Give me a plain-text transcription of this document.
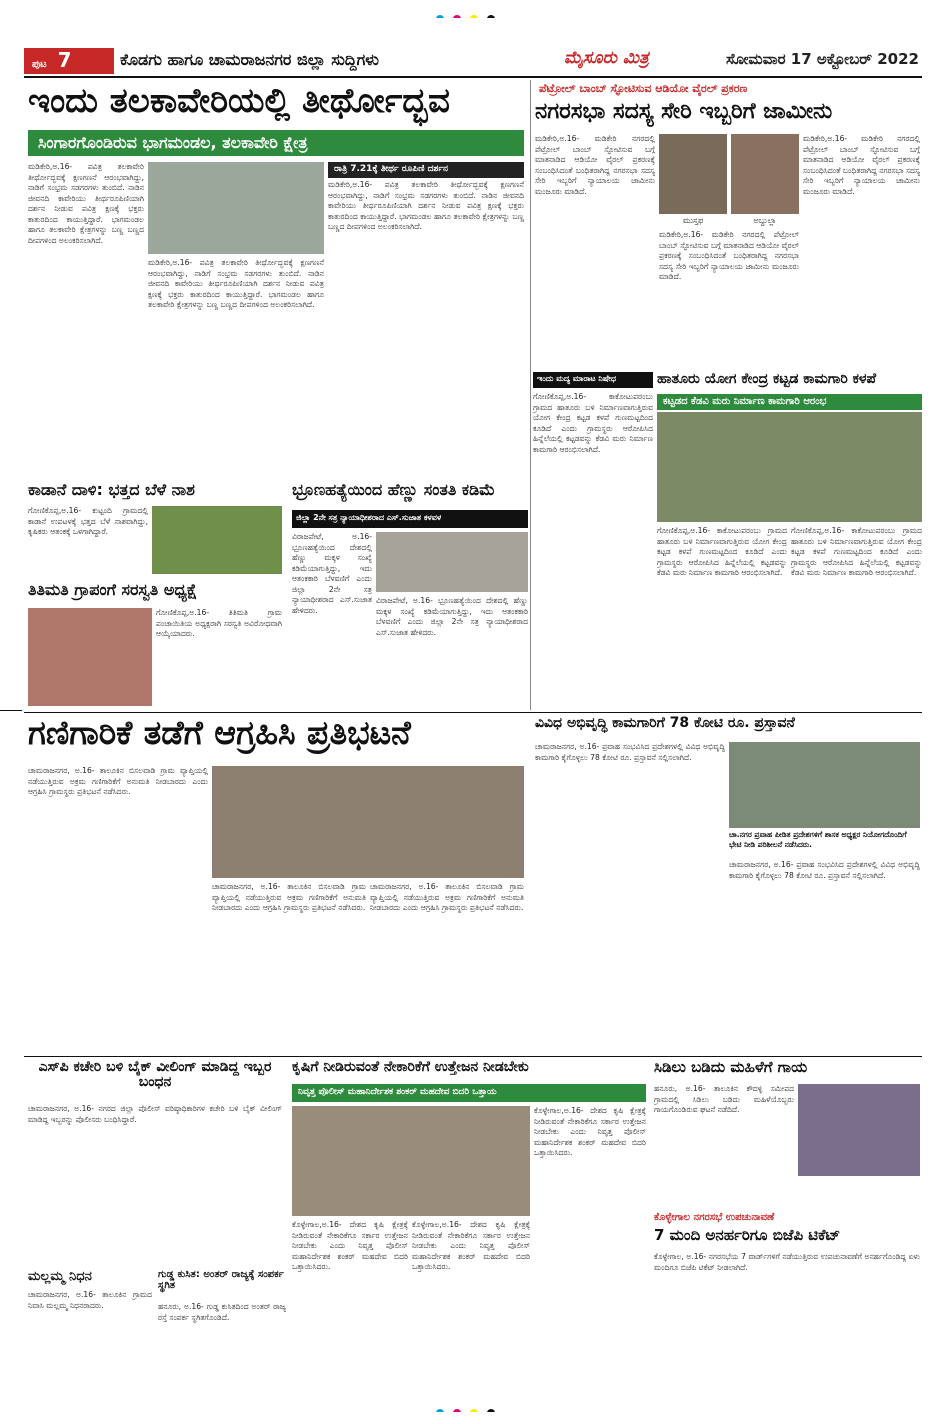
ಪುಟ 7	ಕೊಡಗು ಹಾಗೂ ಚಾಮರಾಜನಗರ ಜಿಲ್ಲಾ ಸುದ್ದಿಗಳು	ಮೈಸೂರು ಮಿತ್ರ	ಸೋಮವಾರ 17 ಅಕ್ಟೋಬರ್ 2022
ಇಂದು ತಲಕಾವೇರಿಯಲ್ಲಿ ತೀರ್ಥೋದ್ಭವ
ಸಿಂಗಾರಗೊಂಡಿರುವ ಭಾಗಮಂಡಲ, ತಲಕಾವೇರಿ ಕ್ಷೇತ್ರ
ಮಡಿಕೇರಿ,ಅ.16- ಪವಿತ್ರ ತಲಕಾವೇರಿ ತೀರ್ಥೋದ್ಭವಕ್ಕೆ ಕ್ಷಣಗಣನೆ ಆರಂಭವಾಗಿದ್ದು, ನಾಡಿಗೆ ಸಂಭ್ರಮ ಸಡಗರಗಳು ತುಂಬಿದೆ. ನಾಡಿನ ಜೀವನದಿ ಕಾವೇರಿಯು ತೀರ್ಥರೂಪಿಣಿಯಾಗಿ ದರ್ಶನ ನೀಡುವ ಪವಿತ್ರ ಕ್ಷಣಕ್ಕೆ ಭಕ್ತರು ಕಾತುರದಿಂದ ಕಾಯುತ್ತಿದ್ದಾರೆ. ಭಾಗಮಂಡಲ ಹಾಗೂ ತಲಕಾವೇರಿ ಕ್ಷೇತ್ರಗಳನ್ನು ಬಣ್ಣ ಬಣ್ಣದ ದೀಪಗಳಿಂದ ಅಲಂಕರಿಸಲಾಗಿದೆ.
ರಾತ್ರಿ 7.21ಕ್ಕೆ ತೀರ್ಥ ರೂಪಿಣಿ ದರ್ಶನ
ಮಡಿಕೇರಿ,ಅ.16- ಪವಿತ್ರ ತಲಕಾವೇರಿ ತೀರ್ಥೋದ್ಭವಕ್ಕೆ ಕ್ಷಣಗಣನೆ ಆರಂಭವಾಗಿದ್ದು, ನಾಡಿಗೆ ಸಂಭ್ರಮ ಸಡಗರಗಳು ತುಂಬಿದೆ. ನಾಡಿನ ಜೀವನದಿ ಕಾವೇರಿಯು ತೀರ್ಥರೂಪಿಣಿಯಾಗಿ ದರ್ಶನ ನೀಡುವ ಪವಿತ್ರ ಕ್ಷಣಕ್ಕೆ ಭಕ್ತರು ಕಾತುರದಿಂದ ಕಾಯುತ್ತಿದ್ದಾರೆ. ಭಾಗಮಂಡಲ ಹಾಗೂ ತಲಕಾವೇರಿ ಕ್ಷೇತ್ರಗಳನ್ನು ಬಣ್ಣ ಬಣ್ಣದ ದೀಪಗಳಿಂದ ಅಲಂಕರಿಸಲಾಗಿದೆ.
ಮಡಿಕೇರಿ,ಅ.16- ಪವಿತ್ರ ತಲಕಾವೇರಿ ತೀರ್ಥೋದ್ಭವಕ್ಕೆ ಕ್ಷಣಗಣನೆ ಆರಂಭವಾಗಿದ್ದು, ನಾಡಿಗೆ ಸಂಭ್ರಮ ಸಡಗರಗಳು ತುಂಬಿದೆ. ನಾಡಿನ ಜೀವನದಿ ಕಾವೇರಿಯು ತೀರ್ಥರೂಪಿಣಿಯಾಗಿ ದರ್ಶನ ನೀಡುವ ಪವಿತ್ರ ಕ್ಷಣಕ್ಕೆ ಭಕ್ತರು ಕಾತುರದಿಂದ ಕಾಯುತ್ತಿದ್ದಾರೆ. ಭಾಗಮಂಡಲ ಹಾಗೂ ತಲಕಾವೇರಿ ಕ್ಷೇತ್ರಗಳನ್ನು ಬಣ್ಣ ಬಣ್ಣದ ದೀಪಗಳಿಂದ ಅಲಂಕರಿಸಲಾಗಿದೆ.
ಪೆಟ್ರೋಲ್ ಬಾಂಬ್ ಸ್ಫೋಟಿಸುವ ಆಡಿಯೋ ವೈರಲ್ ಪ್ರಕರಣ
ನಗರಸಭಾ ಸದಸ್ಯ ಸೇರಿ ಇಬ್ಬರಿಗೆ ಜಾಮೀನು
ಮಡಿಕೇರಿ,ಅ.16- ಮಡಿಕೇರಿ ನಗರದಲ್ಲಿ ಪೆಟ್ರೋಲ್ ಬಾಂಬ್ ಸ್ಫೋಟಿಸುವ ಬಗ್ಗೆ ಮಾತನಾಡಿದ ಆಡಿಯೋ ವೈರಲ್ ಪ್ರಕರಣಕ್ಕೆ ಸಂಬಂಧಿಸಿದಂತೆ ಬಂಧಿತರಾಗಿದ್ದ ನಗರಸಭಾ ಸದಸ್ಯ ಸೇರಿ ಇಬ್ಬರಿಗೆ ನ್ಯಾಯಾಲಯ ಜಾಮೀನು ಮಂಜೂರು ಮಾಡಿದೆ.
ಮುಸ್ತಫ	ಅಬ್ದುಲ್ಲಾ
ಮಡಿಕೇರಿ,ಅ.16- ಮಡಿಕೇರಿ ನಗರದಲ್ಲಿ ಪೆಟ್ರೋಲ್ ಬಾಂಬ್ ಸ್ಫೋಟಿಸುವ ಬಗ್ಗೆ ಮಾತನಾಡಿದ ಆಡಿಯೋ ವೈರಲ್ ಪ್ರಕರಣಕ್ಕೆ ಸಂಬಂಧಿಸಿದಂತೆ ಬಂಧಿತರಾಗಿದ್ದ ನಗರಸಭಾ ಸದಸ್ಯ ಸೇರಿ ಇಬ್ಬರಿಗೆ ನ್ಯಾಯಾಲಯ ಜಾಮೀನು ಮಂಜೂರು ಮಾಡಿದೆ.
ಮಡಿಕೇರಿ,ಅ.16- ಮಡಿಕೇರಿ ನಗರದಲ್ಲಿ ಪೆಟ್ರೋಲ್ ಬಾಂಬ್ ಸ್ಫೋಟಿಸುವ ಬಗ್ಗೆ ಮಾತನಾಡಿದ ಆಡಿಯೋ ವೈರಲ್ ಪ್ರಕರಣಕ್ಕೆ ಸಂಬಂಧಿಸಿದಂತೆ ಬಂಧಿತರಾಗಿದ್ದ ನಗರಸಭಾ ಸದಸ್ಯ ಸೇರಿ ಇಬ್ಬರಿಗೆ ನ್ಯಾಯಾಲಯ ಜಾಮೀನು ಮಂಜೂರು ಮಾಡಿದೆ.
ಇಂದು ಮದ್ಯ ಮಾರಾಟ ನಿಷೇಧ	ಹಾತೂರು ಯೋಗ ಕೇಂದ್ರ ಕಟ್ಟಡ ಕಾಮಗಾರಿ ಕಳಪೆ
ಕಟ್ಟಡದ ಕೆಡವಿ ಮರು ನಿರ್ಮಾಣ ಕಾಮಗಾರಿ ಆರಂಭ
ಗೋಣಿಕೊಪ್ಪ,ಅ.16- ಕಾಕೋಟುಪರಂಬು ಗ್ರಾಮದ ಹಾತೂರು ಬಳಿ ನಿರ್ಮಾಣವಾಗುತ್ತಿರುವ ಯೋಗ ಕೇಂದ್ರ ಕಟ್ಟಡ ಕಳಪೆ ಗುಣಮಟ್ಟದಿಂದ ಕೂಡಿದೆ ಎಂದು ಗ್ರಾಮಸ್ಥರು ಆರೋಪಿಸಿದ ಹಿನ್ನೆಲೆಯಲ್ಲಿ ಕಟ್ಟಡವನ್ನು ಕೆಡವಿ ಮರು ನಿರ್ಮಾಣ ಕಾಮಗಾರಿ ಆರಂಭಿಸಲಾಗಿದೆ.
ಗೋಣಿಕೊಪ್ಪ,ಅ.16- ಕಾಕೋಟುಪರಂಬು ಗ್ರಾಮದ ಹಾತೂರು ಬಳಿ ನಿರ್ಮಾಣವಾಗುತ್ತಿರುವ ಯೋಗ ಕೇಂದ್ರ ಕಟ್ಟಡ ಕಳಪೆ ಗುಣಮಟ್ಟದಿಂದ ಕೂಡಿದೆ ಎಂದು ಗ್ರಾಮಸ್ಥರು ಆರೋಪಿಸಿದ ಹಿನ್ನೆಲೆಯಲ್ಲಿ ಕಟ್ಟಡವನ್ನು ಕೆಡವಿ ಮರು ನಿರ್ಮಾಣ ಕಾಮಗಾರಿ ಆರಂಭಿಸಲಾಗಿದೆ.
ಗೋಣಿಕೊಪ್ಪ,ಅ.16- ಕಾಕೋಟುಪರಂಬು ಗ್ರಾಮದ ಹಾತೂರು ಬಳಿ ನಿರ್ಮಾಣವಾಗುತ್ತಿರುವ ಯೋಗ ಕೇಂದ್ರ ಕಟ್ಟಡ ಕಳಪೆ ಗುಣಮಟ್ಟದಿಂದ ಕೂಡಿದೆ ಎಂದು ಗ್ರಾಮಸ್ಥರು ಆರೋಪಿಸಿದ ಹಿನ್ನೆಲೆಯಲ್ಲಿ ಕಟ್ಟಡವನ್ನು ಕೆಡವಿ ಮರು ನಿರ್ಮಾಣ ಕಾಮಗಾರಿ ಆರಂಭಿಸಲಾಗಿದೆ.
ಕಾಡಾನೆ ದಾಳಿ: ಭತ್ತದ ಬೆಳೆ ನಾಶ
ಗೋಣಿಕೊಪ್ಪ,ಅ.16- ಕುಟ್ಟಂದಿ ಗ್ರಾಮದಲ್ಲಿ ಕಾಡಾನೆ ಉಪಟಳಕ್ಕೆ ಭತ್ತದ ಬೆಳೆ ನಾಶವಾಗಿದ್ದು, ಕೃಷಿಕರು ಆತಂಕಕ್ಕೆ ಒಳಗಾಗಿದ್ದಾರೆ.
ತಿತಿಮತಿ ಗ್ರಾಪಂಗೆ ಸರಸ್ವತಿ ಅಧ್ಯಕ್ಷೆ
ಗೋಣಿಕೊಪ್ಪ,ಅ.16- ತಿತಿಮತಿ ಗ್ರಾಮ ಪಂಚಾಯಿತಿಯ ಅಧ್ಯಕ್ಷರಾಗಿ ಸರಸ್ವತಿ ಅವಿರೋಧವಾಗಿ ಆಯ್ಕೆಯಾದರು.
ಭ್ರೂಣಹತ್ಯೆಯಿಂದ ಹೆಣ್ಣು ಸಂತತಿ ಕಡಿಮೆ
ಜಿಲ್ಲಾ 2ನೇ ಸತ್ರ ನ್ಯಾಯಾಧೀಶರಾದ ಎಸ್.ಸುಜಾತ ಕಳವಳ
ವಿರಾಜಪೇಟೆ, ಅ.16- ಭ್ರೂಣಹತ್ಯೆಯಿಂದ ದೇಶದಲ್ಲಿ ಹೆಣ್ಣು ಮಕ್ಕಳ ಸಂಖ್ಯೆ ಕಡಿಮೆಯಾಗುತ್ತಿದ್ದು, ಇದು ಆತಂಕಕಾರಿ ಬೆಳವಣಿಗೆ ಎಂದು ಜಿಲ್ಲಾ 2ನೇ ಸತ್ರ ನ್ಯಾಯಾಧೀಶರಾದ ಎಸ್.ಸುಜಾತ ಹೇಳಿದರು.
ವಿರಾಜಪೇಟೆ, ಅ.16- ಭ್ರೂಣಹತ್ಯೆಯಿಂದ ದೇಶದಲ್ಲಿ ಹೆಣ್ಣು ಮಕ್ಕಳ ಸಂಖ್ಯೆ ಕಡಿಮೆಯಾಗುತ್ತಿದ್ದು, ಇದು ಆತಂಕಕಾರಿ ಬೆಳವಣಿಗೆ ಎಂದು ಜಿಲ್ಲಾ 2ನೇ ಸತ್ರ ನ್ಯಾಯಾಧೀಶರಾದ ಎಸ್.ಸುಜಾತ ಹೇಳಿದರು.
ಗಣಿಗಾರಿಕೆ ತಡೆಗೆ ಆಗ್ರಹಿಸಿ ಪ್ರತಿಭಟನೆ
ಚಾಮರಾಜನಗರ, ಅ.16- ತಾಲೂಕಿನ ಬಿಸಲವಾಡಿ ಗ್ರಾಮ ವ್ಯಾಪ್ತಿಯಲ್ಲಿ ನಡೆಯುತ್ತಿರುವ ಅಕ್ರಮ ಗಣಿಗಾರಿಕೆಗೆ ಅನುಮತಿ ನೀಡಬಾರದು ಎಂದು ಆಗ್ರಹಿಸಿ ಗ್ರಾಮಸ್ಥರು ಪ್ರತಿಭಟನೆ ನಡೆಸಿದರು.
ಚಾಮರಾಜನಗರ, ಅ.16- ತಾಲೂಕಿನ ಬಿಸಲವಾಡಿ ಗ್ರಾಮ ವ್ಯಾಪ್ತಿಯಲ್ಲಿ ನಡೆಯುತ್ತಿರುವ ಅಕ್ರಮ ಗಣಿಗಾರಿಕೆಗೆ ಅನುಮತಿ ನೀಡಬಾರದು ಎಂದು ಆಗ್ರಹಿಸಿ ಗ್ರಾಮಸ್ಥರು ಪ್ರತಿಭಟನೆ ನಡೆಸಿದರು.
ಚಾಮರಾಜನಗರ, ಅ.16- ತಾಲೂಕಿನ ಬಿಸಲವಾಡಿ ಗ್ರಾಮ ವ್ಯಾಪ್ತಿಯಲ್ಲಿ ನಡೆಯುತ್ತಿರುವ ಅಕ್ರಮ ಗಣಿಗಾರಿಕೆಗೆ ಅನುಮತಿ ನೀಡಬಾರದು ಎಂದು ಆಗ್ರಹಿಸಿ ಗ್ರಾಮಸ್ಥರು ಪ್ರತಿಭಟನೆ ನಡೆಸಿದರು.
ವಿವಿಧ ಅಭಿವೃದ್ಧಿ ಕಾಮಗಾರಿಗೆ 78 ಕೋಟಿ ರೂ. ಪ್ರಸ್ತಾವನೆ
ಚಾಮರಾಜನಗರ, ಅ.16- ಪ್ರವಾಹ ಸಂಭವಿಸಿದ ಪ್ರದೇಶಗಳಲ್ಲಿ ವಿವಿಧ ಅಭಿವೃದ್ಧಿ ಕಾಮಗಾರಿ ಕೈಗೊಳ್ಳಲು 78 ಕೋಟಿ ರೂ. ಪ್ರಸ್ತಾವನೆ ಸಲ್ಲಿಸಲಾಗಿದೆ.
ಚಾ.ನಗರ ಪ್ರವಾಹ ಪೀಡಿತ ಪ್ರದೇಶಗಳಿಗೆ ಶಾಸಕ ಅಧ್ಯಕ್ಷರ ನಿಯೋಗದೊಂದಿಗೆ ಭೇಟಿ ನೀಡಿ ಪರಿಶೀಲನೆ ನಡೆಸಿದರು.
ಚಾಮರಾಜನಗರ, ಅ.16- ಪ್ರವಾಹ ಸಂಭವಿಸಿದ ಪ್ರದೇಶಗಳಲ್ಲಿ ವಿವಿಧ ಅಭಿವೃದ್ಧಿ ಕಾಮಗಾರಿ ಕೈಗೊಳ್ಳಲು 78 ಕೋಟಿ ರೂ. ಪ್ರಸ್ತಾವನೆ ಸಲ್ಲಿಸಲಾಗಿದೆ.
ಎಸ್‌ಪಿ ಕಚೇರಿ ಬಳಿ ಬೈಕ್ ವೀಲಿಂಗ್ ಮಾಡಿದ್ದ ಇಬ್ಬರ ಬಂಧನ
ಚಾಮರಾಜನಗರ, ಅ.16- ನಗರದ ಜಿಲ್ಲಾ ಪೊಲೀಸ್ ವರಿಷ್ಠಾಧಿಕಾರಿಗಳ ಕಚೇರಿ ಬಳಿ ಬೈಕ್ ವೀಲಿಂಗ್ ಮಾಡಿದ್ದ ಇಬ್ಬರನ್ನು ಪೊಲೀಸರು ಬಂಧಿಸಿದ್ದಾರೆ.
ಮಲ್ಲಮ್ಮ ನಿಧನ
ಚಾಮರಾಜನಗರ, ಅ.16- ತಾಲೂಕಿನ ಗ್ರಾಮದ ನಿವಾಸಿ ಮಲ್ಲಮ್ಮ ನಿಧನರಾದರು.
ಗುಡ್ಡ ಕುಸಿತ: ಅಂತರ್ ರಾಜ್ಯಕ್ಕೆ ಸಂಪರ್ಕ ಸ್ಥಗಿತ
ಹನೂರು, ಅ.16- ಗುಡ್ಡ ಕುಸಿತದಿಂದ ಅಂತರ್ ರಾಜ್ಯ ರಸ್ತೆ ಸಂಪರ್ಕ ಸ್ಥಗಿತಗೊಂಡಿದೆ.
ಕೃಷಿಗೆ ನೀಡಿರುವಂತೆ ನೇಕಾರಿಕೆಗೆ ಉತ್ತೇಜನ ನೀಡಬೇಕು
ನಿವೃತ್ತ ಪೊಲೀಸ್ ಮಹಾನಿರ್ದೇಶಕ ಶಂಕರ್ ಮಹದೇವ ಬಿದರಿ ಒತ್ತಾಯ
ಕೊಳ್ಳೇಗಾಲ,ಅ.16- ದೇಶದ ಕೃಷಿ ಕ್ಷೇತ್ರಕ್ಕೆ ನೀಡಿರುವಂತೆ ನೇಕಾರಿಕೆಗೂ ಸರ್ಕಾರ ಉತ್ತೇಜನ ನೀಡಬೇಕು ಎಂದು ನಿವೃತ್ತ ಪೊಲೀಸ್ ಮಹಾನಿರ್ದೇಶಕ ಶಂಕರ್ ಮಹದೇವ ಬಿದರಿ ಒತ್ತಾಯಿಸಿದರು.
ಕೊಳ್ಳೇಗಾಲ,ಅ.16- ದೇಶದ ಕೃಷಿ ಕ್ಷೇತ್ರಕ್ಕೆ ನೀಡಿರುವಂತೆ ನೇಕಾರಿಕೆಗೂ ಸರ್ಕಾರ ಉತ್ತೇಜನ ನೀಡಬೇಕು ಎಂದು ನಿವೃತ್ತ ಪೊಲೀಸ್ ಮಹಾನಿರ್ದೇಶಕ ಶಂಕರ್ ಮಹದೇವ ಬಿದರಿ ಒತ್ತಾಯಿಸಿದರು.
ಕೊಳ್ಳೇಗಾಲ,ಅ.16- ದೇಶದ ಕೃಷಿ ಕ್ಷೇತ್ರಕ್ಕೆ ನೀಡಿರುವಂತೆ ನೇಕಾರಿಕೆಗೂ ಸರ್ಕಾರ ಉತ್ತೇಜನ ನೀಡಬೇಕು ಎಂದು ನಿವೃತ್ತ ಪೊಲೀಸ್ ಮಹಾನಿರ್ದೇಶಕ ಶಂಕರ್ ಮಹದೇವ ಬಿದರಿ ಒತ್ತಾಯಿಸಿದರು.
ಸಿಡಿಲು ಬಡಿದು ಮಹಿಳೆಗೆ ಗಾಯ
ಹನೂರು, ಅ.16- ತಾಲೂಕಿನ ಕೌದಳ್ಳಿ ಸಮೀಪದ ಗ್ರಾಮದಲ್ಲಿ ಸಿಡಿಲು ಬಡಿದು ಮಹಿಳೆಯೊಬ್ಬರು ಗಾಯಗೊಂಡಿರುವ ಘಟನೆ ನಡೆದಿದೆ.
ಕೊಳ್ಳೇಗಾಲ ನಗರಸಭೆ ಉಪಚುನಾವಣೆ
7 ಮಂದಿ ಅನರ್ಹರಿಗೂ ಬಿಜೆಪಿ ಟಿಕೆಟ್
ಕೊಳ್ಳೇಗಾಲ, ಅ.16- ನಗರಸಭೆಯ 7 ವಾರ್ಡ್‌ಗಳಿಗೆ ನಡೆಯುತ್ತಿರುವ ಉಪಚುನಾವಣೆಗೆ ಅನರ್ಹಗೊಂಡಿದ್ದ ಏಳು ಮಂದಿಗೂ ಬಿಜೆಪಿ ಟಿಕೆಟ್ ನೀಡಲಾಗಿದೆ.
